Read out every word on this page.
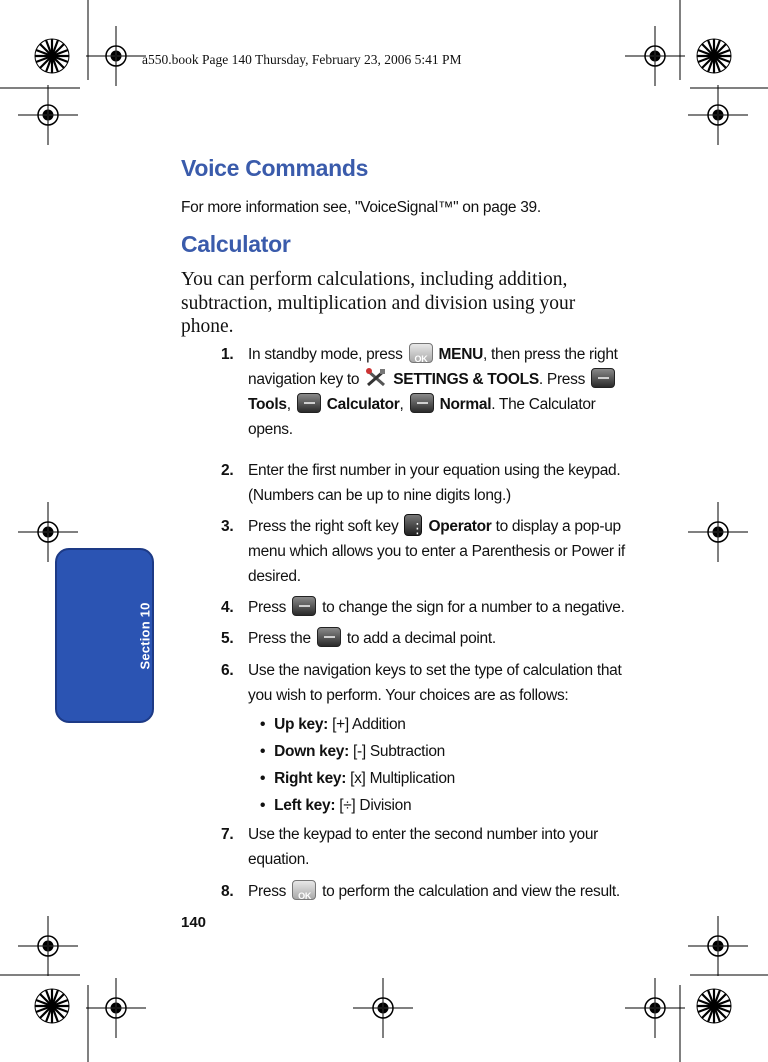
a550.book Page 140 Thursday, February 23, 2006 5:41 PM
Section 10
Voice Commands
For more information see, "VoiceSignal™" on page 39.
Calculator
You can perform calculations, including addition, subtraction, multiplication and division using your phone.
1. In standby mode, press OK MENU, then press the right navigation key to SETTINGS & TOOLS. Press  Tools, Calculator, Normal. The Calculator opens.
2. Enter the first number in your equation using the keypad. (Numbers can be up to nine digits long.)
3. Press the right soft key ⋮ Operator to display a pop-up menu which allows you to enter a Parenthesis or Power if desired.
4. Press to change the sign for a number to a negative.
5. Press the to add a decimal point.
6. Use the navigation keys to set the type of calculation that you wish to perform. Your choices are as follows:
• Up key: [+] Addition
• Down key: [-] Subtraction
• Right key: [x] Multiplication
• Left key: [÷] Division
7. Use the keypad to enter the second number into your equation.
8. Press OK to perform the calculation and view the result.
140
